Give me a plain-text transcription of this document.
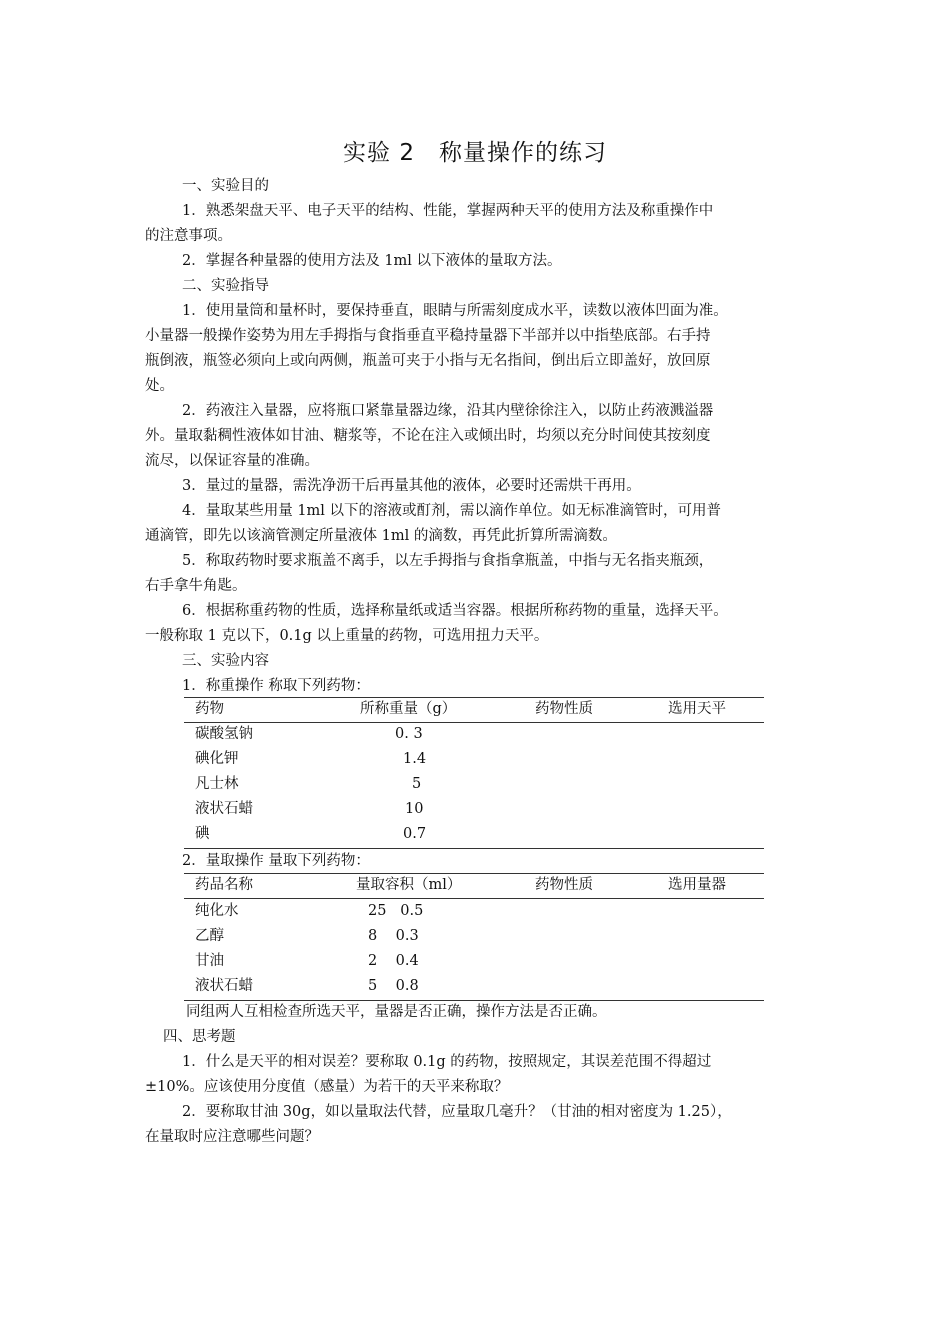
实验 2　称量操作的练习
一、实验目的
1．熟悉架盘天平、电子天平的结构、性能，掌握两种天平的使用方法及称重操作中
的注意事项。
2．掌握各种量器的使用方法及 1ml 以下液体的量取方法。
二、实验指导
1．使用量筒和量杯时，要保持垂直，眼睛与所需刻度成水平，读数以液体凹面为准。
小量器一般操作姿势为用左手拇指与食指垂直平稳持量器下半部并以中指垫底部。右手持
瓶倒液，瓶签必须向上或向两侧，瓶盖可夹于小指与无名指间，倒出后立即盖好，放回原
处。
2．药液注入量器，应将瓶口紧靠量器边缘，沿其内壁徐徐注入，以防止药液溅溢器
外。量取黏稠性液体如甘油、糖浆等，不论在注入或倾出时，均须以充分时间使其按刻度
流尽，以保证容量的准确。
3．量过的量器，需洗净沥干后再量其他的液体，必要时还需烘干再用。
4．量取某些用量 1ml 以下的溶液或酊剂，需以滴作单位。如无标准滴管时，可用普
通滴管，即先以该滴管测定所量液体 1ml 的滴数，再凭此折算所需滴数。
5．称取药物时要求瓶盖不离手，以左手拇指与食指拿瓶盖，中指与无名指夹瓶颈，
右手拿牛角匙。
6．根据称重药物的性质，选择称量纸或适当容器。根据所称药物的重量，选择天平。
一般称取 1 克以下，0.1g 以上重量的药物，可选用扭力天平。
三、实验内容
1．称重操作 称取下列药物：
药物	所称重量（g）	药物性质	选用天平
碳酸氢钠	0. 3
碘化钾	1.4
凡士林	5
液状石蜡	10
碘	0.7
2．量取操作 量取下列药物：
药品名称	量取容积（ml）	药物性质	选用量器
纯化水	25   0.5
乙醇	8    0.3
甘油	2    0.4
液状石蜡	5    0.8
同组两人互相检查所选天平，量器是否正确，操作方法是否正确。
四、思考题
1．什么是天平的相对误差？要称取 0.1g 的药物，按照规定，其误差范围不得超过
±10%。应该使用分度值（感量）为若干的天平来称取？
2．要称取甘油 30g，如以量取法代替，应量取几毫升？（甘油的相对密度为 1.25），
在量取时应注意哪些问题？
